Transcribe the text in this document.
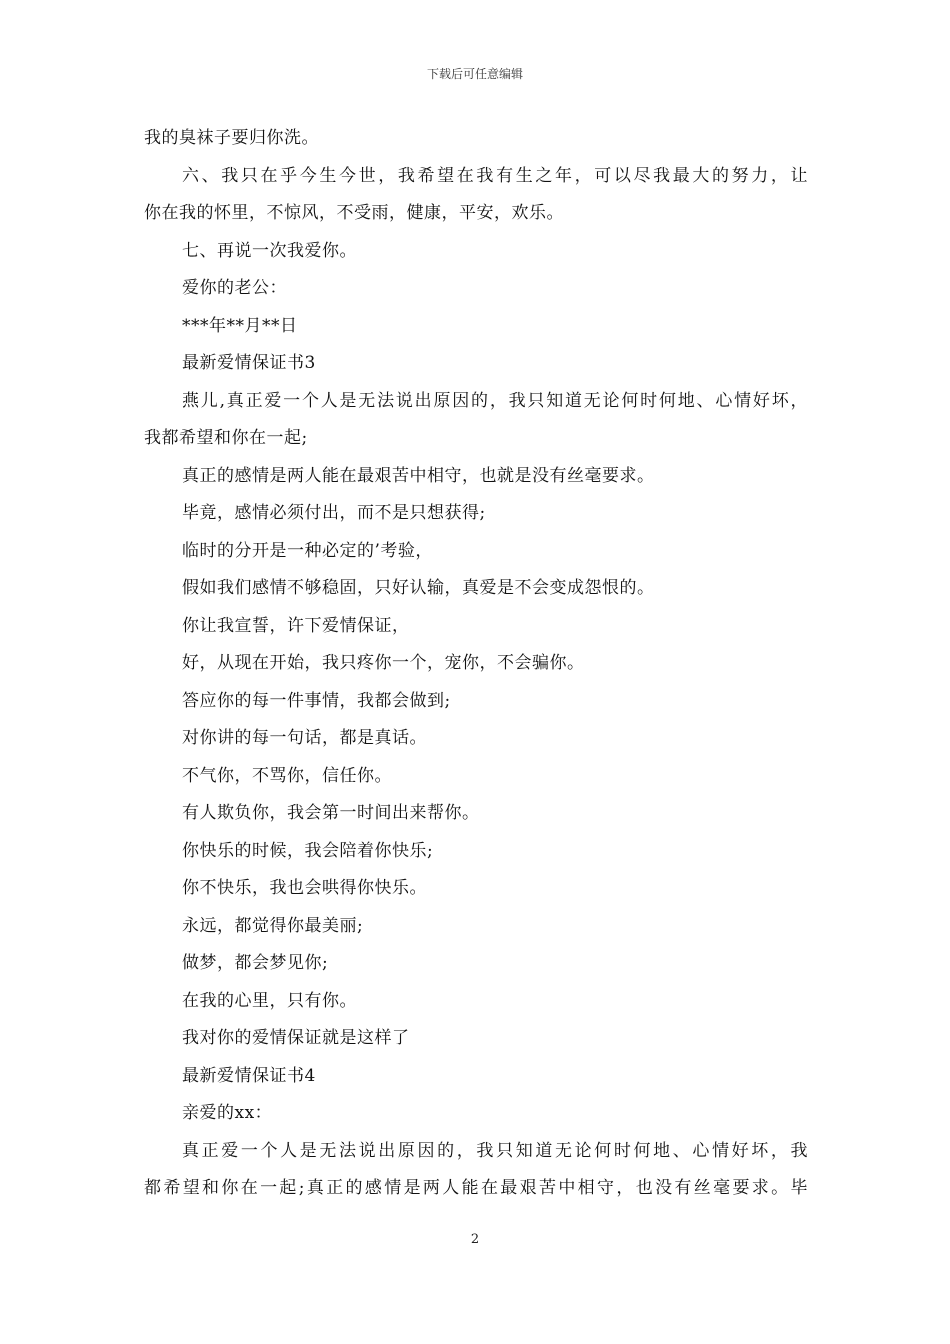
下载后可任意编辑
我的臭袜子要归你洗。
六、我只在乎今生今世，我希望在我有生之年，可以尽我最大的努力，让
你在我的怀里，不惊风，不受雨，健康，平安，欢乐。
七、再说一次我爱你。
爱你的老公：
***年**月**日
最新爱情保证书3
燕儿,真正爱一个人是无法说出原因的，我只知道无论何时何地、心情好坏，
我都希望和你在一起;
真正的感情是两人能在最艰苦中相守，也就是没有丝毫要求。
毕竟，感情必须付出，而不是只想获得;
临时的分开是一种必定的’考验，
假如我们感情不够稳固，只好认输，真爱是不会变成怨恨的。
你让我宣誓，许下爱情保证，
好，从现在开始，我只疼你一个，宠你，不会骗你。
答应你的每一件事情，我都会做到;
对你讲的每一句话，都是真话。
不气你，不骂你，信任你。
有人欺负你，我会第一时间出来帮你。
你快乐的时候，我会陪着你快乐;
你不快乐，我也会哄得你快乐。
永远，都觉得你最美丽;
做梦，都会梦见你;
在我的心里，只有你。
我对你的爱情保证就是这样了
最新爱情保证书4
亲爱的xx：
真正爱一个人是无法说出原因的，我只知道无论何时何地、心情好坏，我
都希望和你在一起;真正的感情是两人能在最艰苦中相守，也没有丝毫要求。毕
2
